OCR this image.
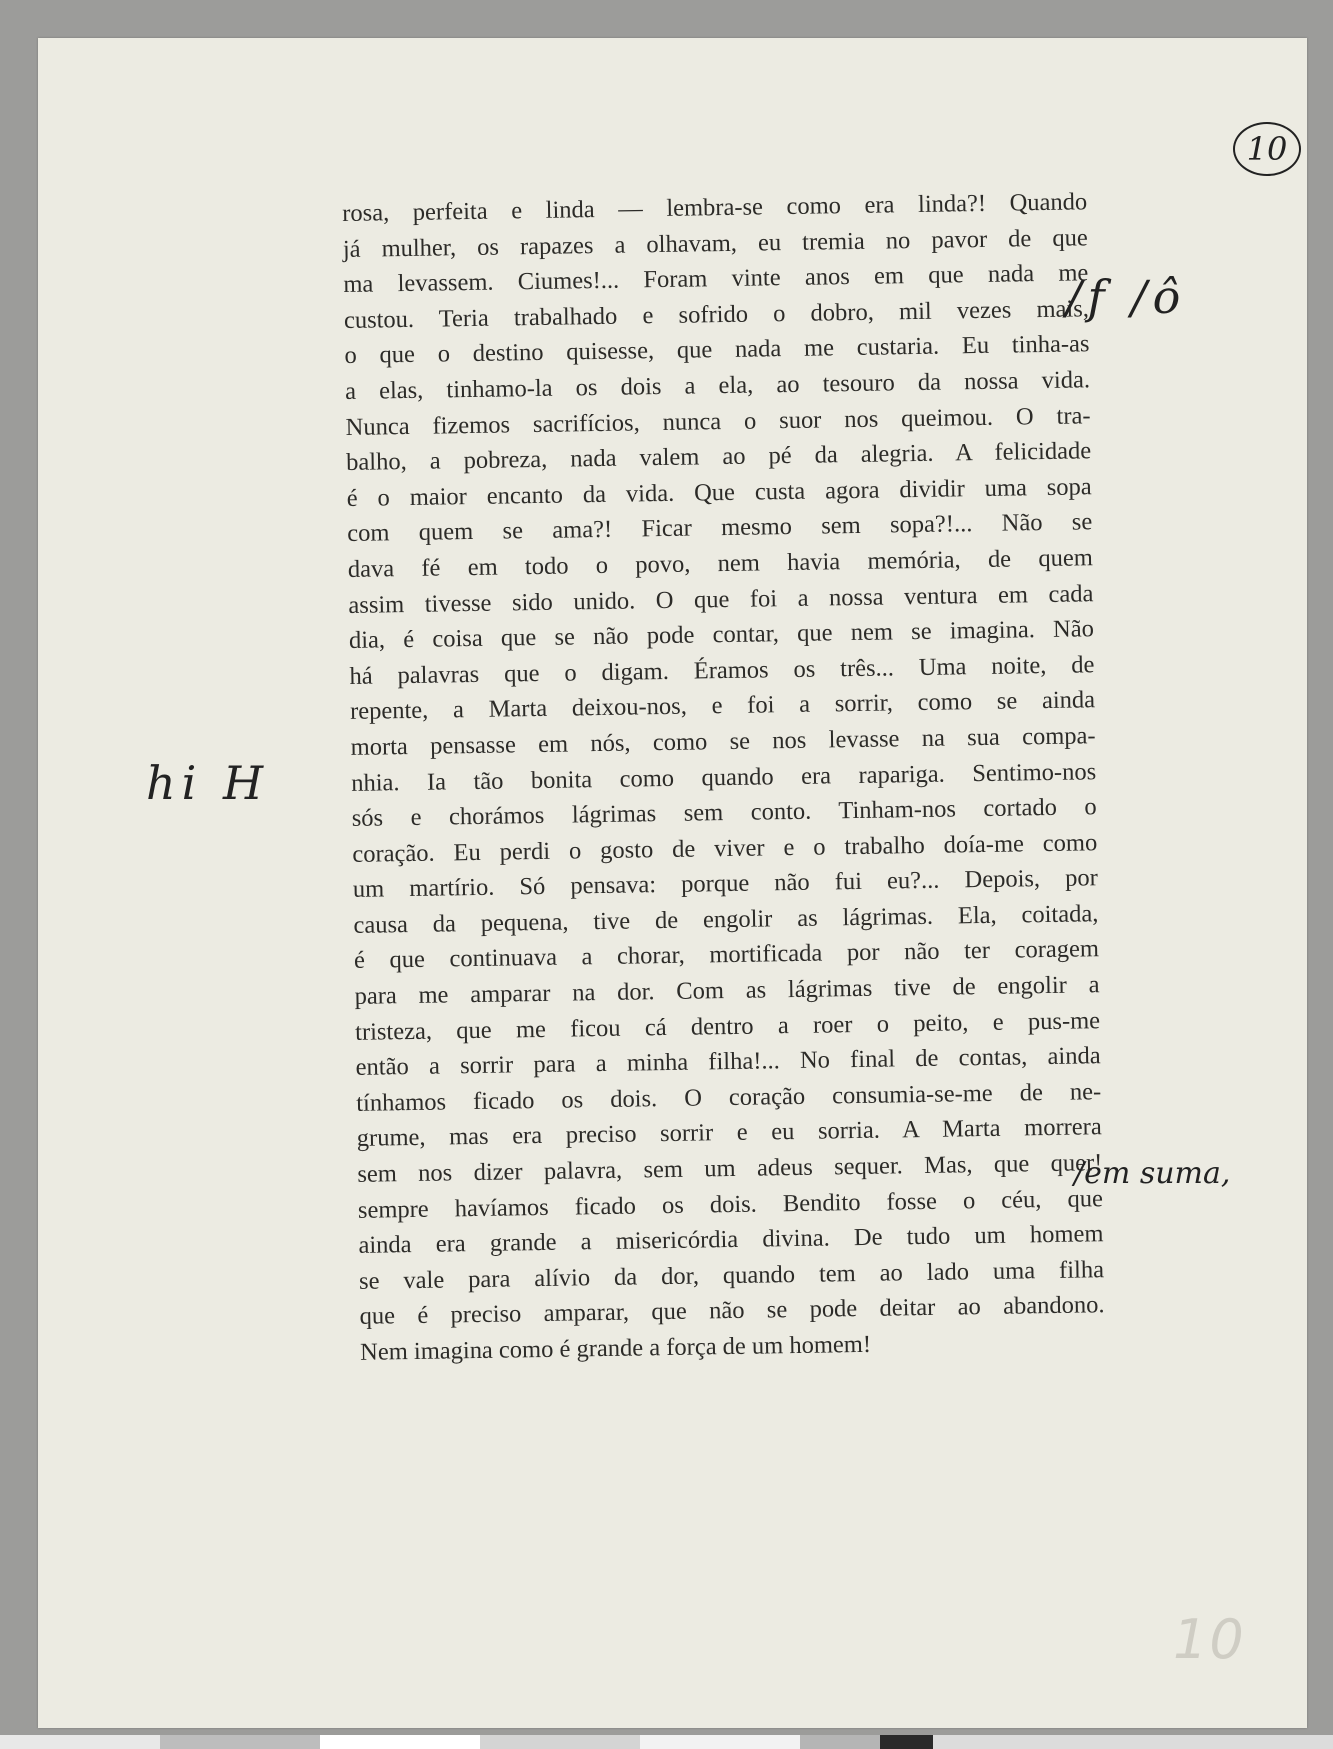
10
rosa, perfeita e linda — lembra-se como era linda?! Quando
já mulher, os rapazes a olhavam, eu tremia no pavor de que
ma levassem. Ciumes!... Foram vinte anos em que nada me
custou. Teria trabalhado e sofrido o dobro, mil vezes mais,
o que o destino quisesse, que nada me custaria. Eu tinha-as
a elas, tinhamo-la os dois a ela, ao tesouro da nossa vida.
Nunca fizemos sacrifícios, nunca o suor nos queimou. O tra-
balho, a pobreza, nada valem ao pé da alegria. A felicidade
é o maior encanto da vida. Que custa agora dividir uma sopa
com quem se ama?! Ficar mesmo sem sopa?!... Não se
dava fé em todo o povo, nem havia memória, de quem
assim tivesse sido unido. O que foi a nossa ventura em cada
dia, é coisa que se não pode contar, que nem se imagina. Não
há palavras que o digam. Éramos os três... Uma noite, de
repente, a Marta deixou-nos, e foi a sorrir, como se ainda
morta pensasse em nós, como se nos levasse na sua compa-
nhia. Ia tão bonita como quando era rapariga. Sentimo-nos
sós e chorámos lágrimas sem conto. Tinham-nos cortado o
coração. Eu perdi o gosto de viver e o trabalho doía-me como
um martírio. Só pensava: porque não fui eu?... Depois, por
causa da pequena, tive de engolir as lágrimas. Ela, coitada,
é que continuava a chorar, mortificada por não ter coragem
para me amparar na dor. Com as lágrimas tive de engolir a
tristeza, que me ficou cá dentro a roer o peito, e pus-me
então a sorrir para a minha filha!... No final de contas, ainda
tínhamos ficado os dois. O coração consumia-se-me de ne-
grume, mas era preciso sorrir e eu sorria. A Marta morrera
sem nos dizer palavra, sem um adeus sequer. Mas, que quer!
sempre havíamos ficado os dois. Bendito fosse o céu, que
ainda era grande a misericórdia divina. De tudo um homem
se vale para alívio da dor, quando tem ao lado uma filha
que é preciso amparar, que não se pode deitar ao abandono.
Nem imagina como é grande a força de um homem!
/f /ô
hi H
/em suma,
10
